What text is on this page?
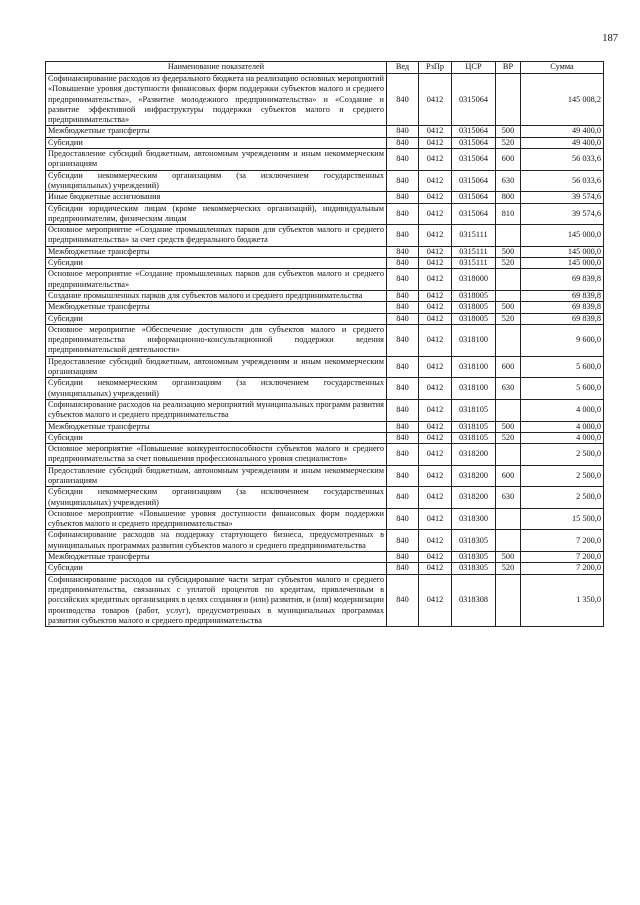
187
Наименование показателей	Вед	РзПр	ЦСР	ВР	Сумма
Софинансирование расходов из федерального бюджета на реализацию основных мероприятий «Повышение уровня доступности финансовых форм поддержки субъектов малого и среднего предпринимательства», «Развитие молодежного предпринимательства» и «Создание и развитие эффективной инфраструктуры поддержки субъектов малого и среднего предпринимательства»	840	0412	0315064		145 008,2
Межбюджетные трансферты	840	0412	0315064	500	49 400,0
Субсидии	840	0412	0315064	520	49 400,0
Предоставление субсидий бюджетным, автономным учреждениям и иным некоммерческим организациям	840	0412	0315064	600	56 033,6
Субсидии некоммерческим организациям (за исключением государственных (муниципальных) учреждений)	840	0412	0315064	630	56 033,6
Иные бюджетные ассигнования	840	0412	0315064	800	39 574,6
Субсидии юридическим лицам (кроме некоммерческих организаций), индивидуальным предпринимателям, физическим лицам	840	0412	0315064	810	39 574,6
Основное мероприятие «Создание промышленных парков для субъектов малого и среднего предпринимательства» за счет средств федерального бюджета	840	0412	0315111		145 000,0
Межбюджетные трансферты	840	0412	0315111	500	145 000,0
Субсидии	840	0412	0315111	520	145 000,0
Основное мероприятие «Создание промышленных парков для субъектов малого и среднего предпринимательства»	840	0412	0318000		69 839,8
Создание промышленных парков для субъектов малого и среднего предпринимательства	840	0412	0318005		69 839,8
Межбюджетные трансферты	840	0412	0318005	500	69 839,8
Субсидии	840	0412	0318005	520	69 839,8
Основное мероприятие «Обеспечение доступности для субъектов малого и среднего предпринимательства информационно-консультационной поддержки ведения предпринимательской деятельности»	840	0412	0318100		9 600,0
Предоставление субсидий бюджетным, автономным учреждениям и иным некоммерческим организациям	840	0412	0318100	600	5 600,0
Субсидии некоммерческим организациям (за исключением государственных (муниципальных) учреждений)	840	0412	0318100	630	5 600,0
Софинансирование расходов на реализацию мероприятий муниципальных программ развития субъектов малого и среднего предпринимательства	840	0412	0318105		4 000,0
Межбюджетные трансферты	840	0412	0318105	500	4 000,0
Субсидии	840	0412	0318105	520	4 000,0
Основное мероприятие «Повышение конкурентоспособности субъектов малого и среднего предпринимательства за счет повышения профессионального уровня специалистов»	840	0412	0318200		2 500,0
Предоставление субсидий бюджетным, автономным учреждениям и иным некоммерческим организациям	840	0412	0318200	600	2 500,0
Субсидии некоммерческим организациям (за исключением государственных (муниципальных) учреждений)	840	0412	0318200	630	2 500,0
Основное мероприятие «Повышение уровня доступности финансовых форм поддержки субъектов малого и среднего предпринимательства»	840	0412	0318300		15 500,0
Софинансирование расходов на поддержку стартующего бизнеса, предусмотренных в муниципальных программах развития субъектов малого и среднего предпринимательства	840	0412	0318305		7 200,0
Межбюджетные трансферты	840	0412	0318305	500	7 200,0
Субсидии	840	0412	0318305	520	7 200,0
Софинансирование расходов на субсидирование части затрат субъектов малого и среднего предпринимательства, связанных с уплатой процентов по кредитам, привлеченным в российских кредитных организациях в целях создания и (или) развития, и (или) модернизации производства товаров (работ, услуг), предусмотренных в муниципальных программах развития субъектов малого и среднего предпринимательства	840	0412	0318308		1 350,0
